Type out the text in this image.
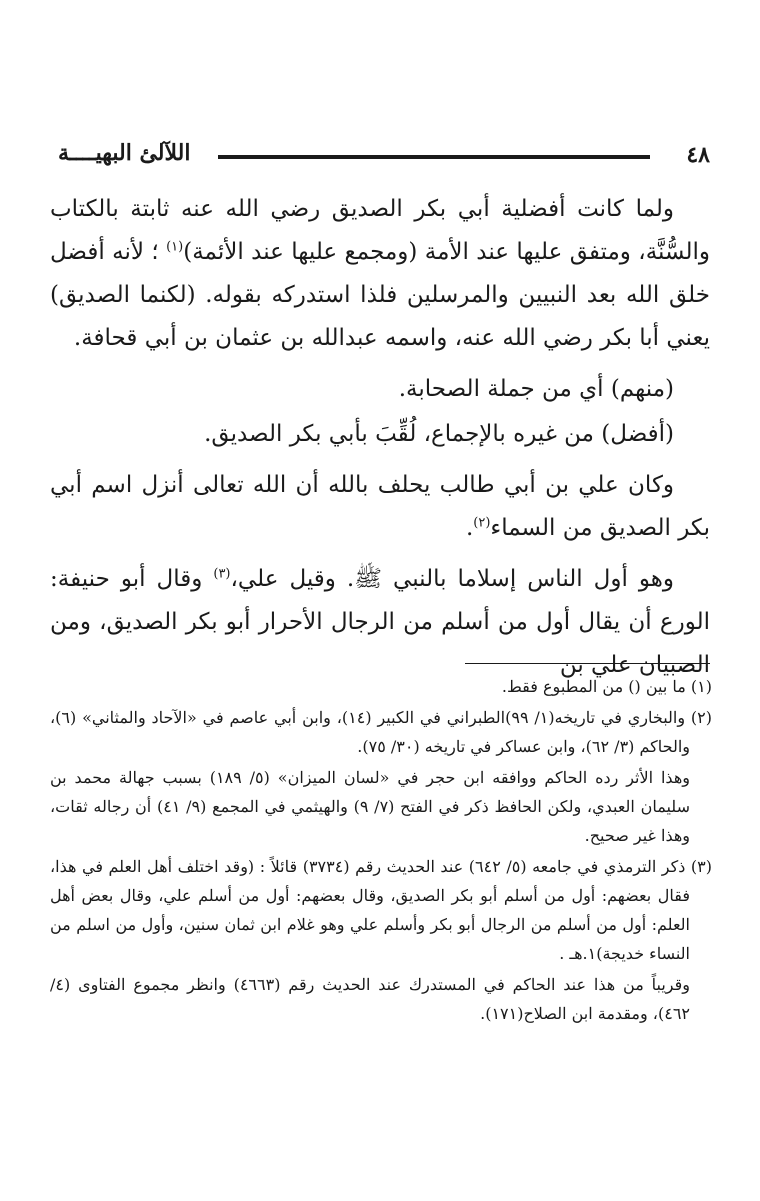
٤٨
اللآلئ البهيــــة

ولما كانت أفضلية أبي بكر الصديق رضي الله عنه ثابتة بالكتاب والسُّنَّة، ومتفق عليها عند الأمة (ومجمع عليها عند الأئمة)$^{(١)}$ ؛ لأنه أفضل خلق الله بعد النبيين والمرسلين فلذا استدركه بقوله. (لكنما الصديق) يعني أبا بكر رضي الله عنه، واسمه عبدالله بن عثمان بن أبي قحافة.

(منهم) أي من جملة الصحابة.

(أفضل) من غيره بالإجماع، لُقِّبَ بأبي بكر الصديق.

وكان علي بن أبي طالب يحلف بالله أن الله تعالى أنزل اسم أبي بكر الصديق من السماء$^{(٢)}$.

وهو أول الناس إسلاما بالنبي ﷺ. وقيل علي،$^{(٣)}$ وقال أبو حنيفة: الورع أن يقال أول من أسلم من الرجال الأحرار أبو بكر الصديق، ومن الصبيان علي بن

(١) ما بين () من المطبوع فقط.

(٢) والبخاري في تاريخه(١/ ٩٩)الطبراني في الكبير (١٤)، وابن أبي عاصم في «الآحاد والمثاني» (٦)، والحاكم (٣/ ٦٢)، وابن عساكر في تاريخه (٣٠/ ٧٥).

وهذا الأثر رده الحاكم ووافقه ابن حجر في «لسان الميزان» (٥/ ١٨٩) بسبب جهالة محمد بن سليمان العبدي، ولكن الحافظ ذكر في الفتح (٧/ ٩) والهيثمي في المجمع (٩/ ٤١) أن رجاله ثقات، وهذا غير صحيح.

(٣) ذكر الترمذي في جامعه (٥/ ٦٤٢) عند الحديث رقم (٣٧٣٤) قائلاً : (وقد اختلف أهل العلم في هذا، فقال بعضهم: أول من أسلم أبو بكر الصديق، وقال بعضهم: أول من أسلم علي، وقال بعض أهل العلم: أول من أسلم من الرجال أبو بكر وأسلم علي وهو غلام ابن ثمان سنين، وأول من اسلم من النساء خديجة)١.هـ .

وقريباً من هذا عند الحاكم في المستدرك عند الحديث رقم (٤٦٦٣) وانظر مجموع الفتاوى (٤/ ٤٦٢)، ومقدمة ابن الصلاح(١٧١).
